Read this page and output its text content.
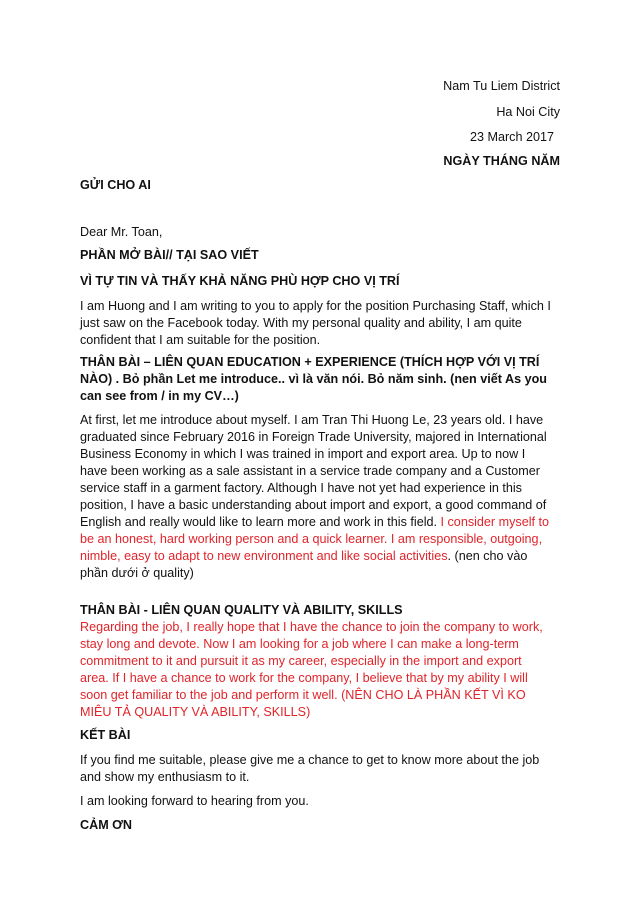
Nam Tu Liem District
Ha Noi City
23 March 2017
NGÀY THÁNG NĂM
GỬI CHO AI
Dear Mr. Toan,
PHẦN MỞ BÀI// TẠI SAO VIẾT
VÌ TỰ TIN VÀ THẤY KHẢ NĂNG PHÙ HỢP CHO VỊ TRÍ
I am Huong and I am writing to you to apply for the position Purchasing Staff, which I
just saw on the Facebook today. With my personal quality and ability, I am quite
confident that I am suitable for the position.
THÂN BÀI – LIÊN QUAN EDUCATION + EXPERIENCE (THÍCH HỢP VỚI VỊ TRÍ
NÀO) . Bỏ phần Let me introduce.. vì là văn nói. Bỏ năm sinh. (nen viết As you
can see from / in my CV…)
At first, let me introduce about myself. I am Tran Thi Huong Le, 23 years old. I have
graduated since February 2016 in Foreign Trade University, majored in International
Business Economy in which I was trained in import and export area. Up to now I
have been working as a sale assistant in a service trade company and a Customer
service staff in a garment factory. Although I have not yet had experience in this
position, I have a basic understanding about import and export, a good command of
English and really would like to learn more and work in this field. I consider myself to
be an honest, hard working person and a quick learner. I am responsible, outgoing,
nimble, easy to adapt to new environment and like social activities. (nen cho vào
phần dưới ở quality)
THÂN BÀI - LIÊN QUAN QUALITY VÀ ABILITY, SKILLS
Regarding the job, I really hope that I have the chance to join the company to work,
stay long and devote. Now I am looking for a job where I can make a long-term
commitment to it and pursuit it as my career, especially in the import and export
area. If I have a chance to work for the company, I believe that by my ability I will
soon get familiar to the job and perform it well. (NÊN CHO LÀ PHẦN KẾT VÌ KO
MIÊU TẢ QUALITY VÀ ABILITY, SKILLS)
KẾT BÀI
If you find me suitable, please give me a chance to get to know more about the job
and show my enthusiasm to it.
I am looking forward to hearing from you.
CẢM ƠN
